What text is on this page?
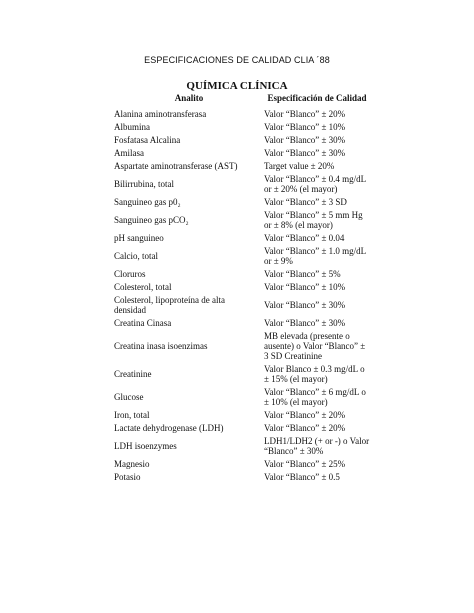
ESPECIFICACIONES DE CALIDAD CLIA ´88
QUÍMICA CLÍNICA
Analito	Especificación de Calidad
Alanina aminotransferasa	Valor “Blanco” ± 20%
Albumina	Valor “Blanco” ± 10%
Fosfatasa Alcalina	Valor “Blanco” ± 30%
Amilasa	Valor “Blanco” ± 30%
Aspartate aminotransferase (AST)	Target value ± 20%
Bilirrubina, total	Valor “Blanco” ± 0.4 mg/dL or ± 20% (el mayor)
Sanguineo gas p0₂	Valor “Blanco” ± 3 SD
Sanguineo gas pCO₂	Valor “Blanco” ± 5 mm Hg or ± 8% (el mayor)
pH sanguineo	Valor “Blanco” ± 0.04
Calcio, total	Valor “Blanco” ± 1.0 mg/dL or ± 9%
Cloruros	Valor “Blanco” ± 5%
Colesterol, total	Valor “Blanco” ± 10%
Colesterol, lipoproteína de alta densidad	Valor “Blanco” ± 30%
Creatina Cinasa	Valor “Blanco” ± 30%
Creatina inasa isoenzimas	MB elevada (presente o ausente) o Valor “Blanco” ± 3 SD Creatinine
Creatinine	Valor Blanco ± 0.3 mg/dL o ± 15% (el mayor)
Glucose	Valor “Blanco” ± 6 mg/dL o ± 10% (el mayor)
Iron, total	Valor “Blanco” ± 20%
Lactate dehydrogenase (LDH)	Valor “Blanco” ± 20%
LDH isoenzymes	LDH1/LDH2 (+ or -) o Valor “Blanco” ± 30%
Magnesio	Valor “Blanco” ± 25%
Potasio	Valor “Blanco” ± 0.5
